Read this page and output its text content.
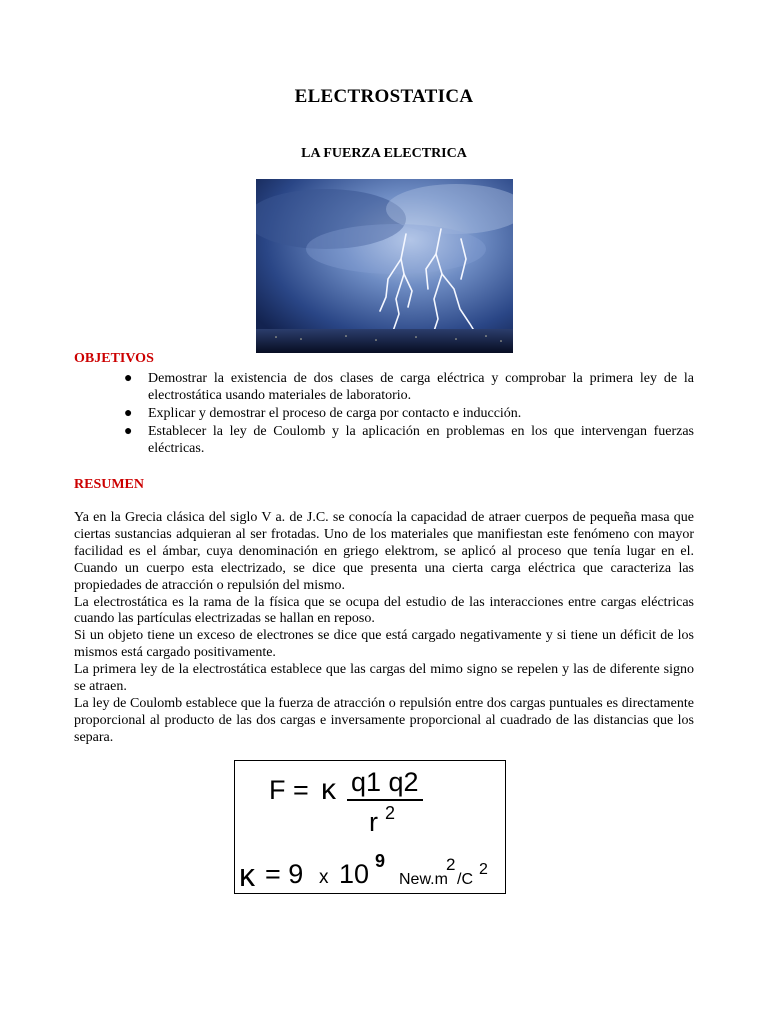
ELECTROSTATICA
LA FUERZA ELECTRICA
OBJETIVOS
● Demostrar la existencia de dos clases de carga eléctrica y comprobar la primera ley de la electrostática usando materiales de laboratorio.
● Explicar y demostrar el proceso de carga por contacto e inducción.
● Establecer la ley de Coulomb y la aplicación en problemas en los que intervengan fuerzas eléctricas.
RESUMEN

Ya en la Grecia clásica del siglo V a. de J.C. se conocía la capacidad de atraer cuerpos de pequeña masa que ciertas sustancias adquieran al ser frotadas. Uno de los materiales que manifiestan este fenómeno con mayor facilidad es el ámbar, cuya denominación en griego elektrom, se aplicó al proceso que tenía lugar en el. Cuando un cuerpo esta electrizado, se dice que presenta una cierta carga eléctrica que caracteriza las propiedades de atracción o repulsión del mismo.

La electrostática es la rama de la física que se ocupa del estudio de las interacciones entre cargas eléctricas cuando las partículas electrizadas se hallan en reposo.

Si un objeto tiene un exceso de electrones se dice que está cargado negativamente y si tiene un déficit de los mismos está cargado positivamente.

La primera ley de la electrostática establece que las cargas del mimo signo se repelen y las de diferente signo se atraen.

La ley de Coulomb establece que la fuerza de atracción o repulsión entre dos cargas puntuales es directamente proporcional al producto de las dos cargas e inversamente proporcional al cuadrado de las distancias que los separa.

F = κ q1 q2
r 2
κ = 9 x 10 9
New.m
2
/C
2
